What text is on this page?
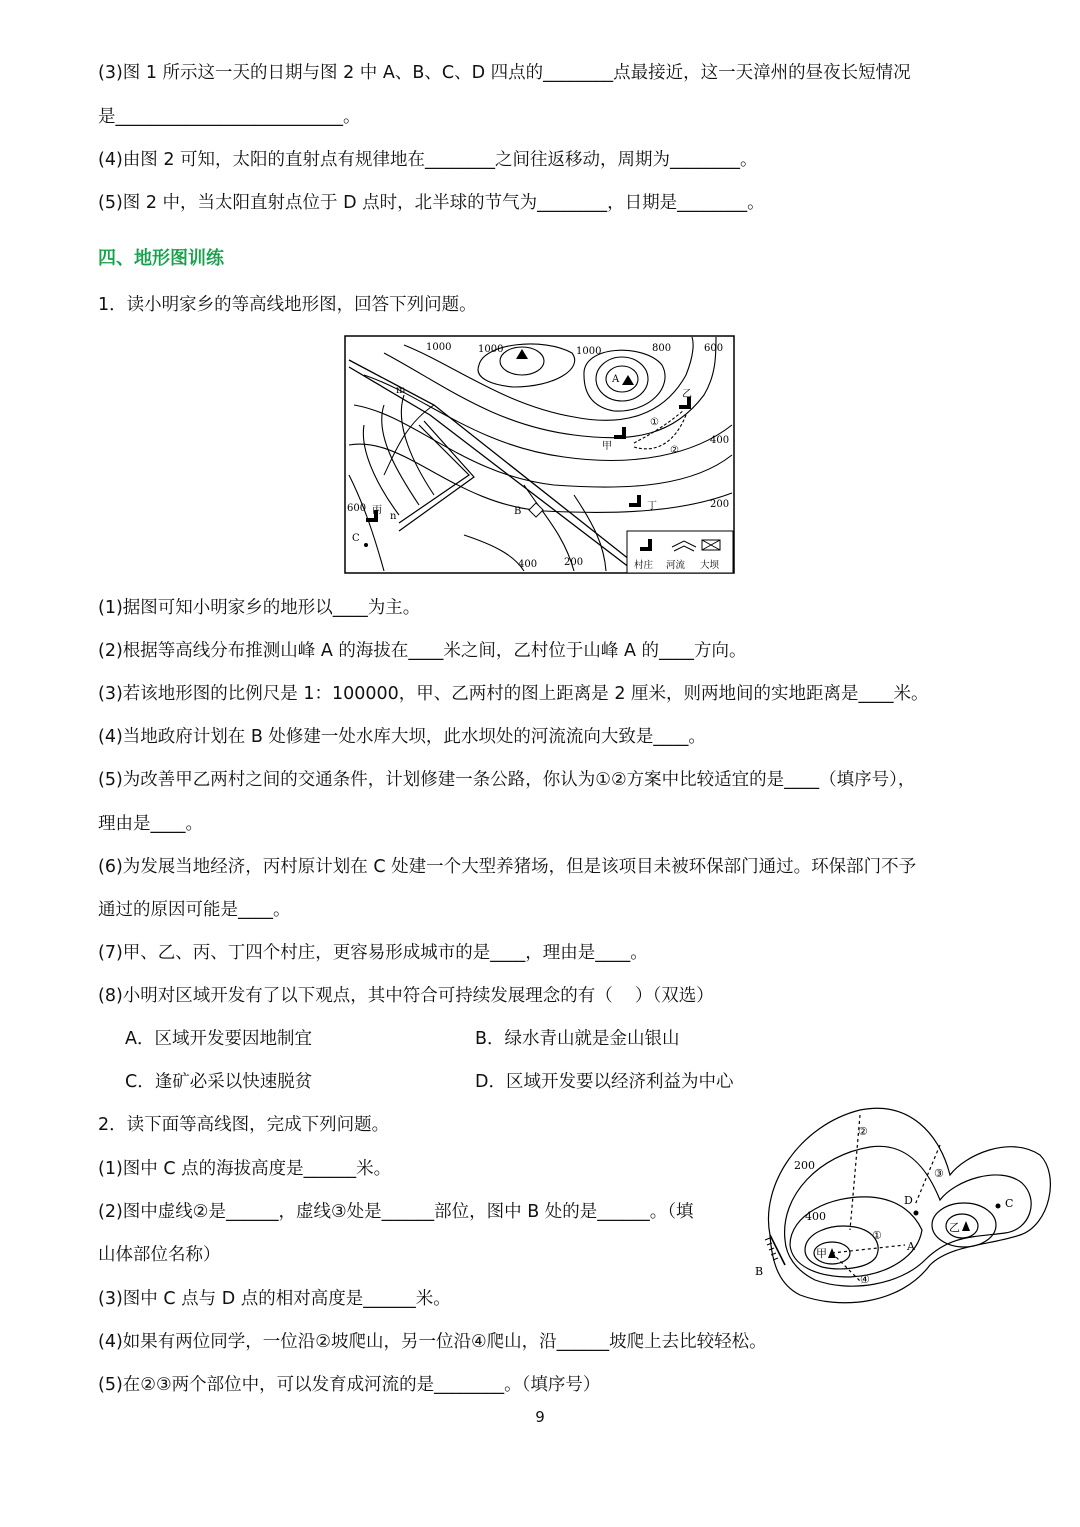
(3)图 1 所示这一天的日期与图 2 中 A、B、C、D 四点的________点最接近，这一天漳州的昼夜长短情况
是__________________________。
(4)由图 2 可知，太阳的直射点有规律地在________之间往返移动，周期为________。
(5)图 2 中，当太阳直射点位于 D 点时，北半球的节气为________，日期是________。
四、地形图训练
1．读小明家乡的等高线地形图，回答下列问题。
1000	1000	1000	800	600
400
200
600
400	200
A
B
C
m
n
甲
乙
丙	丁
①
②
村庄 河流 大坝
(1)据图可知小明家乡的地形以____为主。
(2)根据等高线分布推测山峰 A 的海拔在____米之间，乙村位于山峰 A 的____方向。
(3)若该地形图的比例尺是 1：100000，甲、乙两村的图上距离是 2 厘米，则两地间的实地距离是____米。
(4)当地政府计划在 B 处修建一处水库大坝，此水坝处的河流流向大致是____。
(5)为改善甲乙两村之间的交通条件，计划修建一条公路，你认为①②方案中比较适宜的是____（填序号），
理由是____。
(6)为发展当地经济，丙村原计划在 C 处建一个大型养猪场，但是该项目未被环保部门通过。环保部门不予
通过的原因可能是____。
(7)甲、乙、丙、丁四个村庄，更容易形成城市的是____，理由是____。
(8)小明对区域开发有了以下观点，其中符合可持续发展理念的有（    ）（双选）
A．区域开发要因地制宜	B．绿水青山就是金山银山
C．逢矿必采以快速脱贫	D．区域开发要以经济利益为中心
2．读下面等高线图，完成下列问题。
(1)图中 C 点的海拔高度是______米。
(2)图中虚线②是______，虚线③处是______部位，图中 B 处的是______。（填
山体部位名称）
(3)图中 C 点与 D 点的相对高度是______米。
(4)如果有两位同学，一位沿②坡爬山，另一位沿④爬山，沿______坡爬上去比较轻松。
(5)在②③两个部位中，可以发育成河流的是________。（填序号）
200
400
A
B
C
D
甲
乙
①
②
③
④
9
